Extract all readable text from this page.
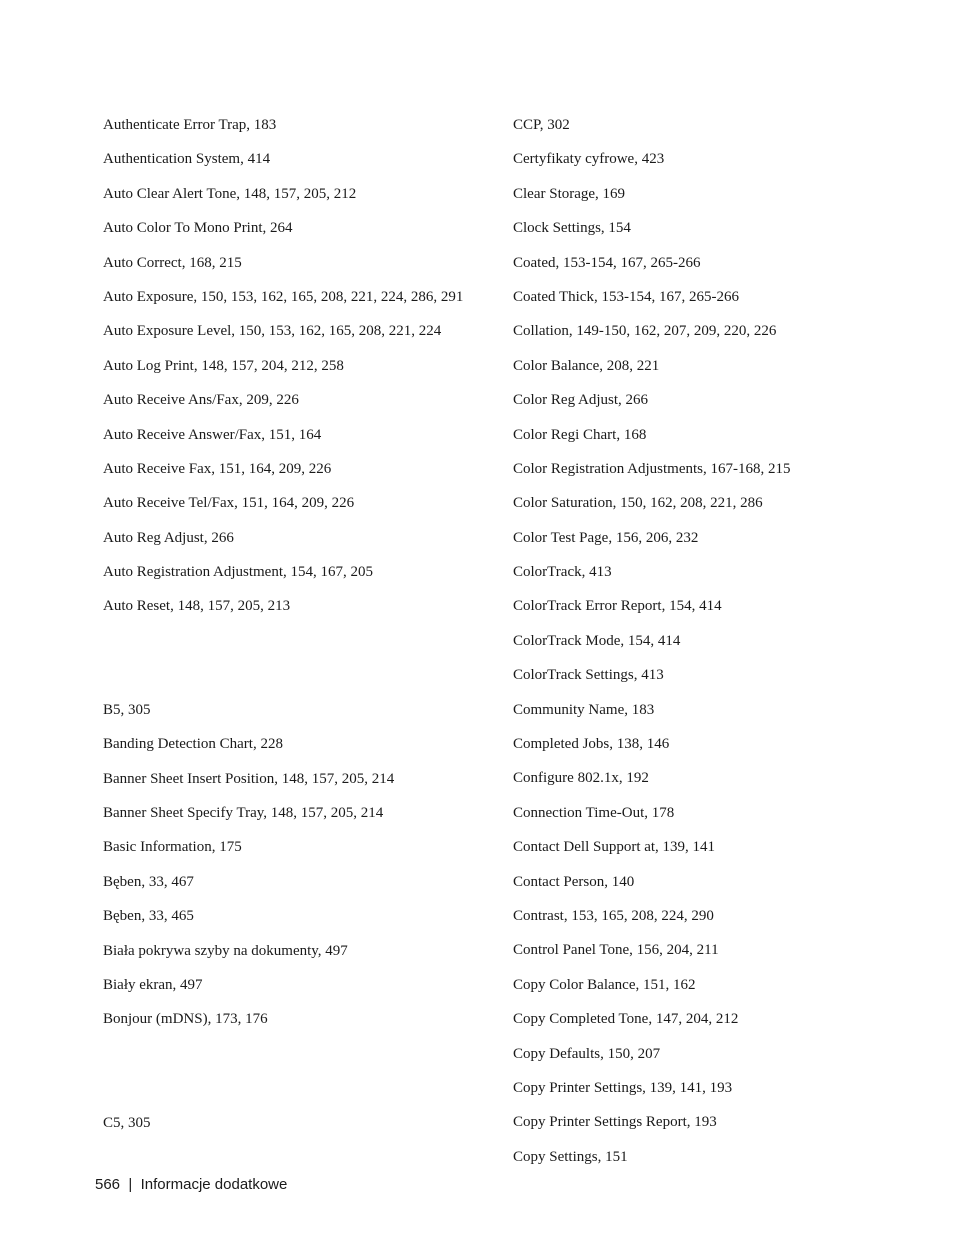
Authenticate Error Trap, 183
Authentication System, 414
Auto Clear Alert Tone, 148, 157, 205, 212
Auto Color To Mono Print, 264
Auto Correct, 168, 215
Auto Exposure, 150, 153, 162, 165, 208, 221, 224, 286, 291
Auto Exposure Level, 150, 153, 162, 165, 208, 221, 224
Auto Log Print, 148, 157, 204, 212, 258
Auto Receive Ans/Fax, 209, 226
Auto Receive Answer/Fax, 151, 164
Auto Receive Fax, 151, 164, 209, 226
Auto Receive Tel/Fax, 151, 164, 209, 226
Auto Reg Adjust, 266
Auto Registration Adjustment, 154, 167, 205
Auto Reset, 148, 157, 205, 213
B5, 305
Banding Detection Chart, 228
Banner Sheet Insert Position, 148, 157, 205, 214
Banner Sheet Specify Tray, 148, 157, 205, 214
Basic Information, 175
Bęben, 33, 467
Bęben, 33, 465
Biała pokrywa szyby na dokumenty, 497
Biały ekran, 497
Bonjour (mDNS), 173, 176
C5, 305
CCP, 302
Certyfikaty cyfrowe, 423
Clear Storage, 169
Clock Settings, 154
Coated, 153-154, 167, 265-266
Coated Thick, 153-154, 167, 265-266
Collation, 149-150, 162, 207, 209, 220, 226
Color Balance, 208, 221
Color Reg Adjust, 266
Color Regi Chart, 168
Color Registration Adjustments, 167-168, 215
Color Saturation, 150, 162, 208, 221, 286
Color Test Page, 156, 206, 232
ColorTrack, 413
ColorTrack Error Report, 154, 414
ColorTrack Mode, 154, 414
ColorTrack Settings, 413
Community Name, 183
Completed Jobs, 138, 146
Configure 802.1x, 192
Connection Time-Out, 178
Contact Dell Support at, 139, 141
Contact Person, 140
Contrast, 153, 165, 208, 224, 290
Control Panel Tone, 156, 204, 211
Copy Color Balance, 151, 162
Copy Completed Tone, 147, 204, 212
Copy Defaults, 150, 207
Copy Printer Settings, 139, 141, 193
Copy Printer Settings Report, 193
Copy Settings, 151
566  |  Informacje dodatkowe
